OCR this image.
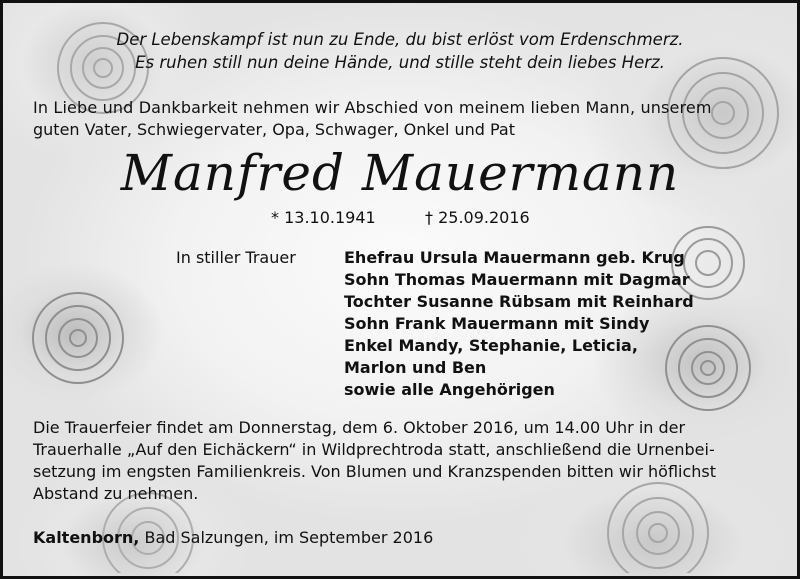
Der Lebenskampf ist nun zu Ende, du bist erlöst vom Erdenschmerz.
Es ruhen still nun deine Hände, und stille steht dein liebes Herz.
In Liebe und Dankbarkeit nehmen wir Abschied von meinem lieben Mann, unserem
guten Vater, Schwiegervater, Opa, Schwager, Onkel und Pat
Manfred Mauermann
* 13.10.1941	† 25.09.2016
In stiller Trauer	Ehefrau Ursula Mauermann geb. Krug
Sohn Thomas Mauermann mit Dagmar
Tochter Susanne Rübsam mit Reinhard
Sohn Frank Mauermann mit Sindy
Enkel Mandy, Stephanie, Leticia,
Marlon und Ben
sowie alle Angehörigen
Die Trauerfeier findet am Donnerstag, dem 6. Oktober 2016, um 14.00 Uhr in der
Trauerhalle „Auf den Eichäckern“ in Wildprechtroda statt, anschließend die Urnenbei-
setzung im engsten Familienkreis. Von Blumen und Kranzspenden bitten wir höflichst
Abstand zu nehmen.
Kaltenborn, Bad Salzungen, im September 2016
